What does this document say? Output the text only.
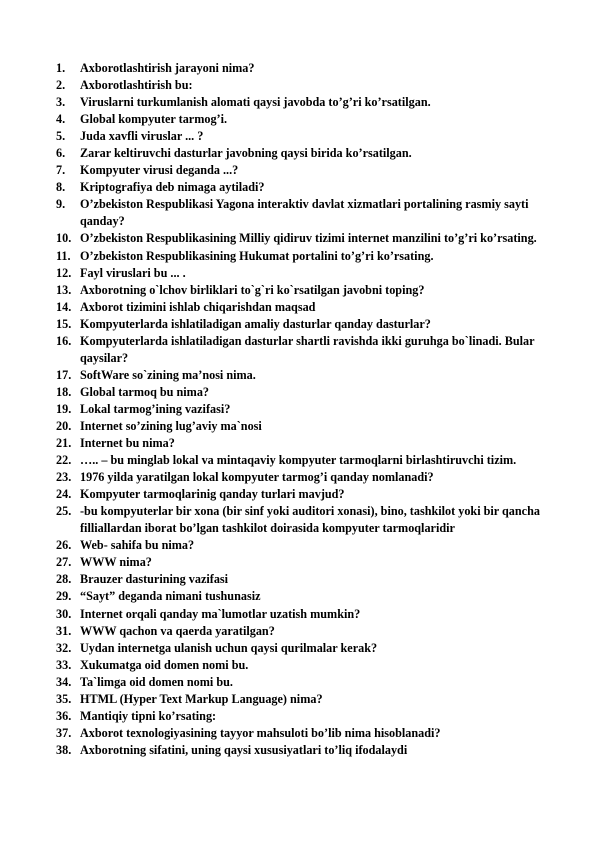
1.	Axborotlashtirish jarayoni nima?
2.	Axborotlashtirish bu:
3.	Viruslarni turkumlanish alomati qaysi javobda to’g’ri ko’rsatilgan.
4.	Global kompyuter tarmog’i.
5.	Juda xavfli viruslar ... ?
6.	Zarar keltiruvchi dasturlar javobning qaysi birida ko’rsatilgan.
7.	Kompyuter virusi deganda ...?
8.	Kriptografiya deb nimaga aytiladi?
9.	O’zbekiston Respublikasi Yagona interaktiv davlat xizmatlari portalining rasmiy sayti qanday?
10. O’zbekiston Respublikasining Milliy qidiruv tizimi internet manzilini to’g’ri ko’rsating.
11. O’zbekiston Respublikasining Hukumat portalini to’g’ri ko’rsating.
12. Fayl viruslari bu ... .
13. Axborotning o`lchov birliklari to`g`ri ko`rsatilgan javobni toping?
14. Axborot tizimini ishlab chiqarishdan maqsad
15. Kompyuterlarda ishlatiladigan amaliy dasturlar qanday dasturlar?
16. Kompyuterlarda ishlatiladigan dasturlar shartli ravishda ikki guruhga bo`linadi. Bular qaysilar?
17. SoftWare so`zining ma’nosi nima.
18. Global tarmoq bu nima?
19. Lokal tarmog’ining vazifasi?
20. Internet so’zining lug’aviy ma`nosi
21. Internet bu nima?
22. ….. – bu minglab lokal va mintaqaviy kompyuter tarmoqlarni birlashtiruvchi tizim.
23. 1976 yilda yaratilgan lokal kompyuter tarmog’i qanday nomlanadi?
24. Kompyuter tarmoqlarinig qanday turlari mavjud?
25. -bu kompyuterlar bir xona (bir sinf yoki auditori xonasi), bino, tashkilot yoki bir qancha filliallardan iborat bo’lgan tashkilot doirasida kompyuter tarmoqlaridir
26. Web- sahifa bu nima?
27. WWW nima?
28. Brauzer dasturining vazifasi
29. “Sayt” deganda nimani tushunasiz
30. Internet orqali qanday ma`lumotlar uzatish mumkin?
31. WWW qachon va qaerda yaratilgan?
32. Uydan internetga ulanish uchun qaysi qurilmalar kerak?
33. Xukumatga oid domen nomi bu.
34. Ta`limga oid domen nomi bu.
35. HTML (Hyper Text Markup Language) nima?
36. Mantiqiy tipni ko’rsating:
37. Axborot texnologiyasining tayyor mahsuloti bo’lib nima hisoblanadi?
38. Axborotning sifatini, uning qaysi xususiyatlari to’liq ifodalaydi
